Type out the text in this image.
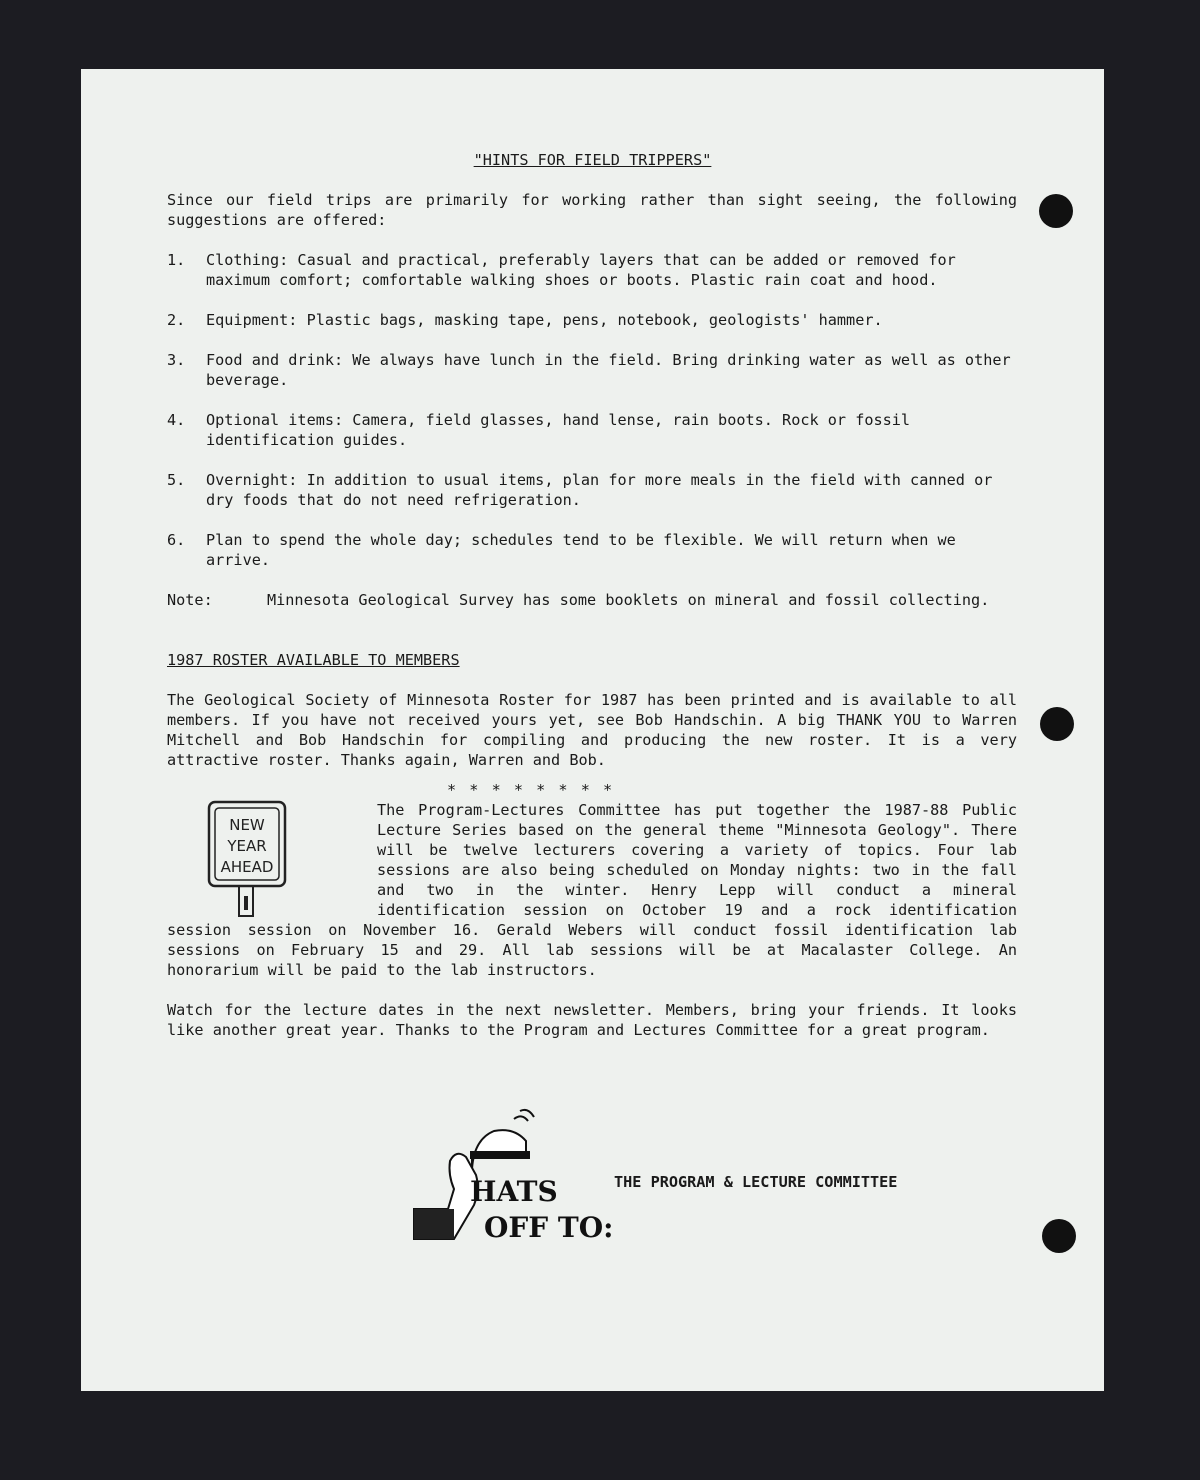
"HINTS FOR FIELD TRIPPERS"

Since our field trips are primarily for working rather than sight seeing, the following suggestions are offered:

1.	Clothing: Casual and practical, preferably layers that can be added or removed for maximum comfort; comfortable walking shoes or boots. Plastic rain coat and hood.
2.	Equipment: Plastic bags, masking tape, pens, notebook, geologists' hammer.
3.	Food and drink: We always have lunch in the field. Bring drinking water as well as other beverage.
4.	Optional items: Camera, field glasses, hand lense, rain boots. Rock or fossil identification guides.
5.	Overnight: In addition to usual items, plan for more meals in the field with canned or dry foods that do not need refrigeration.
6.	Plan to spend the whole day; schedules tend to be flexible. We will return when we arrive.

Note:	Minnesota Geological Survey has some booklets on mineral and fossil collecting.

1987 ROSTER AVAILABLE TO MEMBERS

The Geological Society of Minnesota Roster for 1987 has been printed and is available to all members. If you have not received yours yet, see Bob Handschin. A big THANK YOU to Warren Mitchell and Bob Handschin for compiling and producing the new roster. It is a very attractive roster. Thanks again, Warren and Bob.

* * * * * * * *
NEW
YEAR
AHEAD

The Program-Lectures Committee has put together the 1987-88 Public Lecture Series based on the general theme "Minnesota Geology". There will be twelve lecturers covering a variety of topics. Four lab sessions are also being scheduled on Monday nights: two in the fall and two in the winter. Henry Lepp will conduct a mineral identification session on October 19 and a rock identification session session on November 16. Gerald Webers will conduct fossil identification lab sessions on February 15 and 29. All lab sessions will be at Macalaster College. An honorarium will be paid to the lab instructors.

Watch for the lecture dates in the next newsletter. Members, bring your friends. It looks like another great year. Thanks to the Program and Lectures Committee for a great program.

HATS
OFF TO:
THE PROGRAM & LECTURE COMMITTEE
